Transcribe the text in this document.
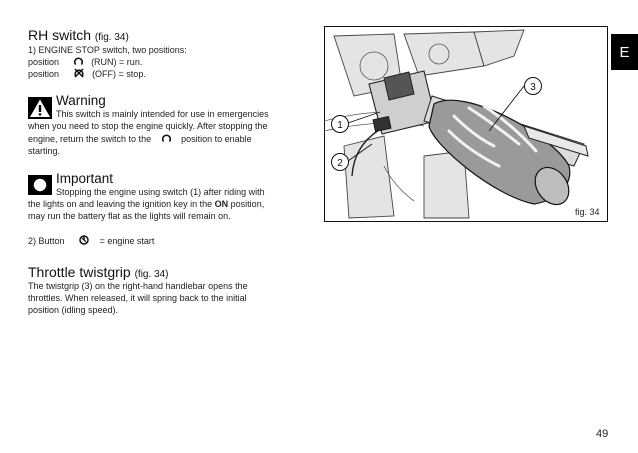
E
RH switch (fig. 34)
1) ENGINE STOP switch, two positions:
position	(RUN) = run.
position	(OFF) = stop.
Warning
This switch is mainly intended for use in emergencies
when you need to stop the engine quickly. After stopping the
engine, return the switch to the	position to enable
starting.
Important
Stopping the engine using switch (1) after riding with
the lights on and leaving the ignition key in the ON position,
may run the battery flat as the lights will remain on.
2) Button	= engine start
Throttle twistgrip (fig. 34)
The twistgrip (3) on the right-hand handlebar opens the
throttles. When released, it will spring back to the initial
position (idling speed).
1
2
3
fig. 34
49
